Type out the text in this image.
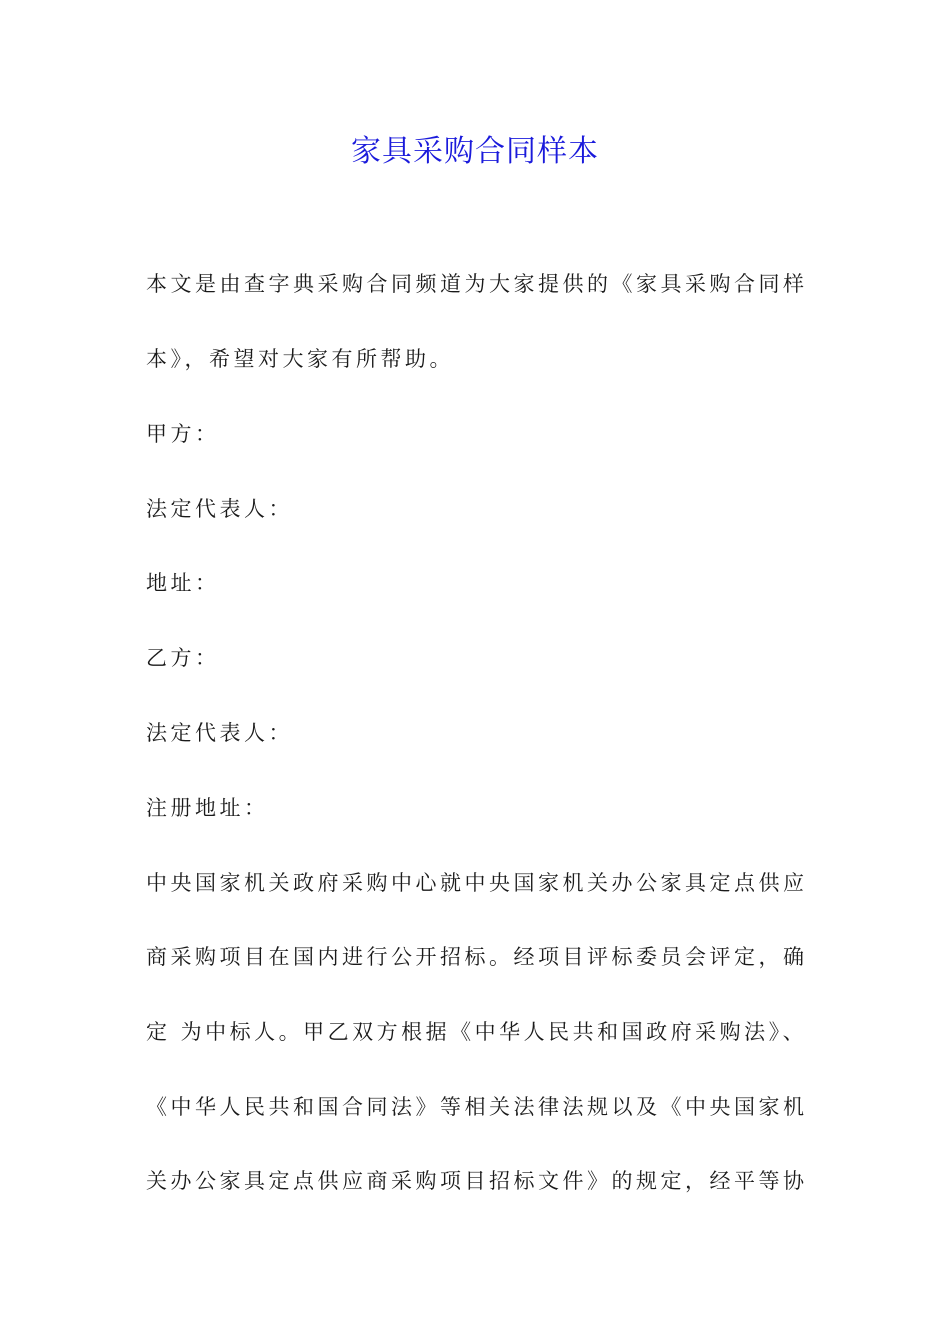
家具采购合同样本
本文是由查字典采购合同频道为大家提供的《家具采购合同样
本》，希望对大家有所帮助。
甲方：
法定代表人：
地址：
乙方：
法定代表人：
注册地址：
中央国家机关政府采购中心就中央国家机关办公家具定点供应
商采购项目在国内进行公开招标。经项目评标委员会评定，确
定 为中标人。甲乙双方根据《中华人民共和国政府采购法》、
《中华人民共和国合同法》等相关法律法规以及《中央国家机
关办公家具定点供应商采购项目招标文件》的规定，经平等协
